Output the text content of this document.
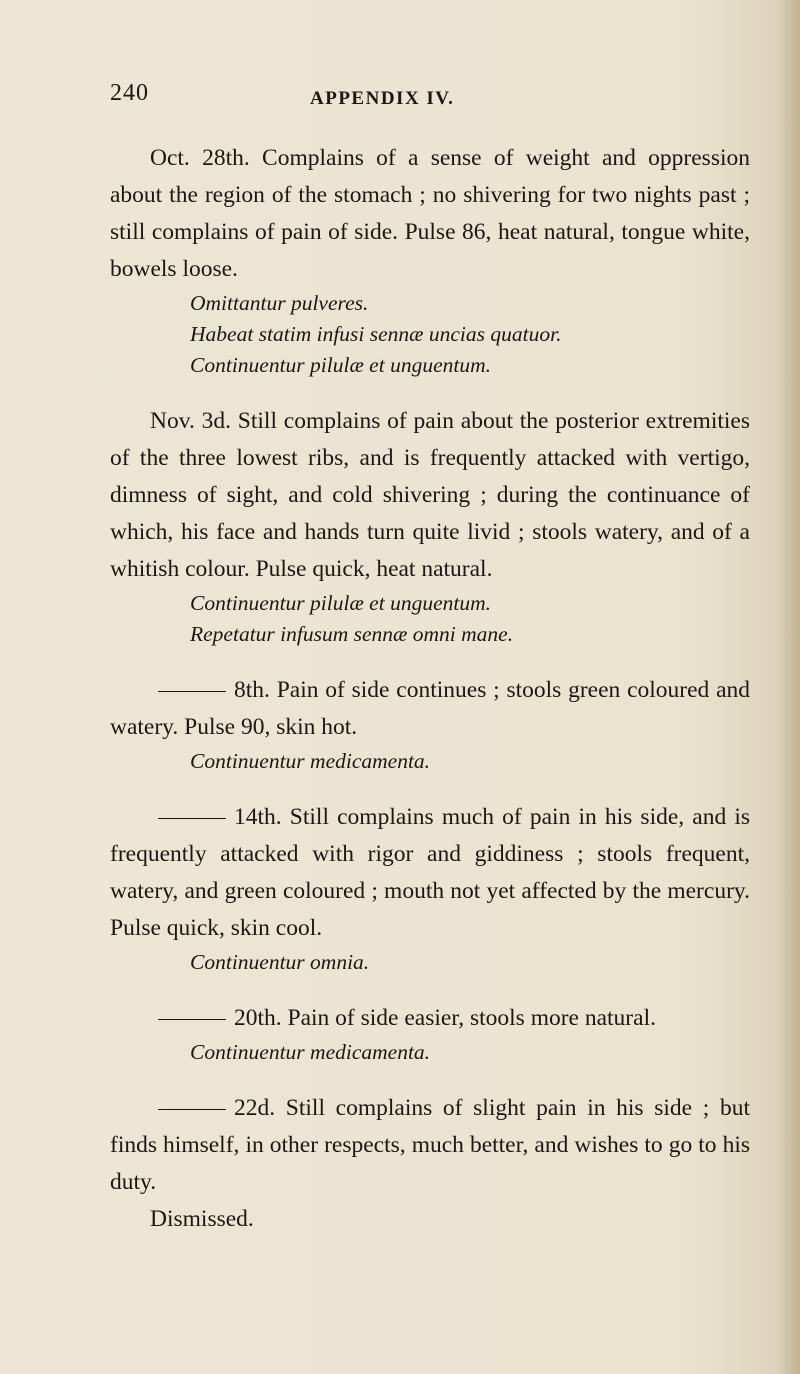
240	APPENDIX IV.

Oct. 28th. Complains of a sense of weight and oppression about the region of the stomach ; no shivering for two nights past ; still complains of pain of side. Pulse 86, heat natural, tongue white, bowels loose.

Omittantur pulveres.

Habeat statim infusi sennæ uncias quatuor.

Continuentur pilulæ et unguentum.

Nov. 3d. Still complains of pain about the posterior extremities of the three lowest ribs, and is frequently attacked with vertigo, dimness of sight, and cold shivering ; during the continuance of which, his face and hands turn quite livid ; stools watery, and of a whitish colour. Pulse quick, heat natural.

Continuentur pilulæ et unguentum.

Repetatur infusum sennæ omni mane.

8th. Pain of side continues ; stools green coloured and watery. Pulse 90, skin hot.

Continuentur medicamenta.

14th. Still complains much of pain in his side, and is frequently attacked with rigor and giddiness ; stools frequent, watery, and green coloured ; mouth not yet affected by the mercury. Pulse quick, skin cool.

Continuentur omnia.

20th. Pain of side easier, stools more natural.

Continuentur medicamenta.

22d. Still complains of slight pain in his side ; but finds himself, in other respects, much better, and wishes to go to his duty.

Dismissed.
